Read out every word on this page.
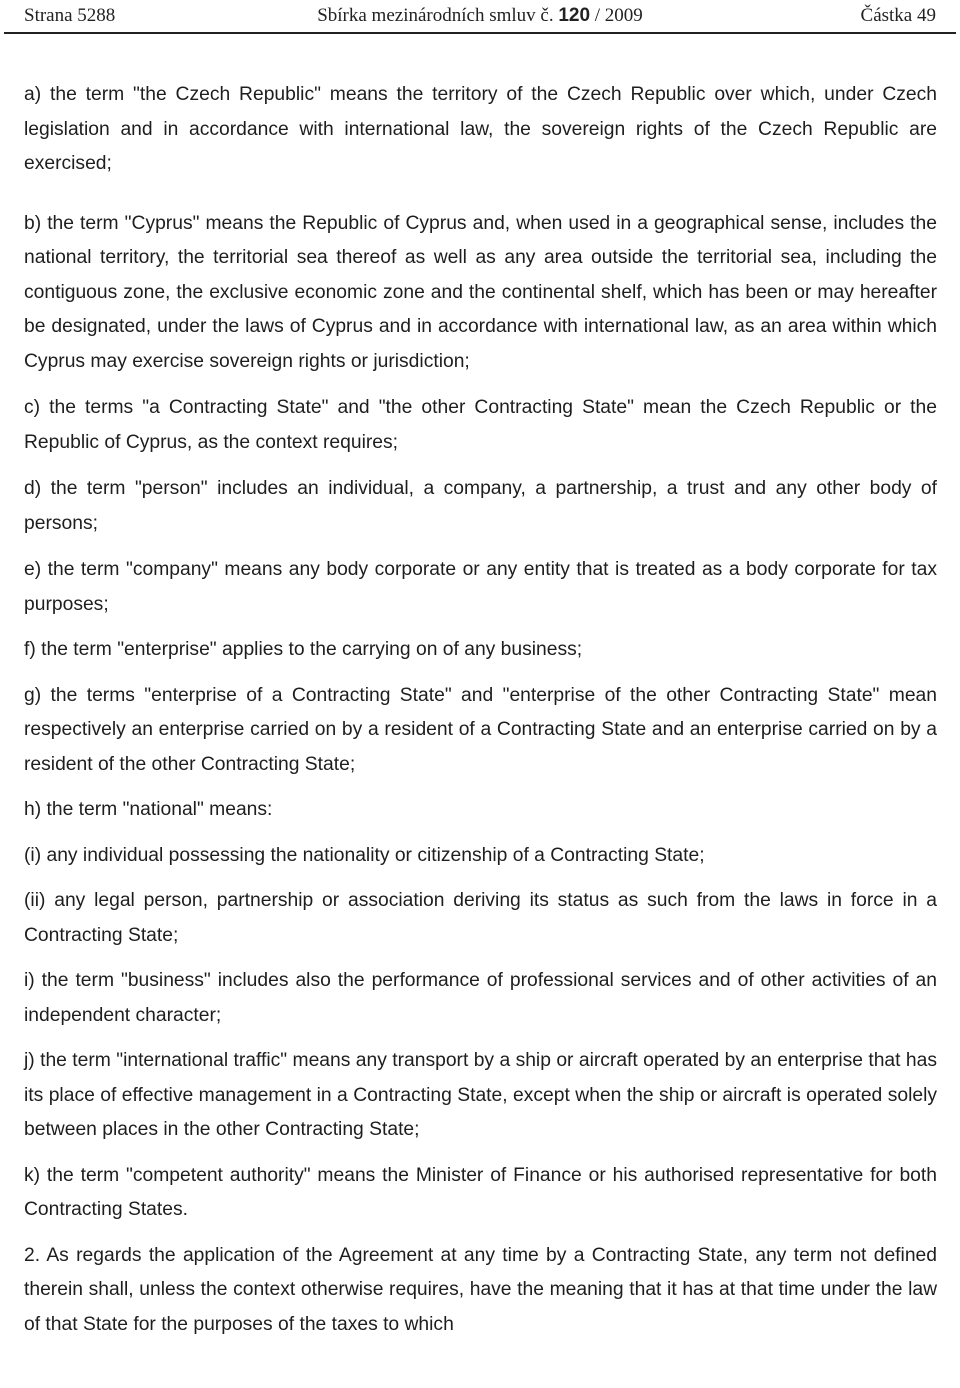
Strana 5288	Sbírka mezinárodních smluv č. 120 / 2009	Částka 49

a) the term "the Czech Republic" means the territory of the Czech Republic over which, under Czech legislation and in accordance with international law, the sovereign rights of the Czech Republic are exercised;

b) the term "Cyprus" means the Republic of Cyprus and, when used in a geographical sense, includes the national territory, the territorial sea thereof as well as any area outside the territorial sea, including the contiguous zone, the exclusive economic zone and the continental shelf, which has been or may hereafter be designated, under the laws of Cyprus and in accordance with international law, as an area within which Cyprus may exercise sovereign rights or jurisdiction;

c) the terms "a Contracting State" and "the other Contracting State" mean the Czech Republic or the Republic of Cyprus, as the context requires;

d) the term "person" includes an individual, a company, a partnership, a trust and any other body of persons;

e) the term "company" means any body corporate or any entity that is treated as a body corporate for tax purposes;

f) the term "enterprise" applies to the carrying on of any business;

g) the terms "enterprise of a Contracting State" and "enterprise of the other Contracting State" mean respectively an enterprise carried on by a resident of a Contracting State and an enterprise carried on by a resident of the other Contracting State;

h) the term "national" means:

(i) any individual possessing the nationality or citizenship of a Contracting State;

(ii) any legal person, partnership or association deriving its status as such from the laws in force in a Contracting State;

i) the term "business" includes also the performance of professional services and of other activities of an independent character;

j) the term "international traffic" means any transport by a ship or aircraft operated by an enterprise that has its place of effective management in a Contracting State, except when the ship or aircraft is operated solely between places in the other Contracting State;

k) the term "competent authority" means the Minister of Finance or his authorised representative for both Contracting States.

2. As regards the application of the Agreement at any time by a Contracting State, any term not defined therein shall, unless the context otherwise requires, have the meaning that it has at that time under the law of that State for the purposes of the taxes to which
